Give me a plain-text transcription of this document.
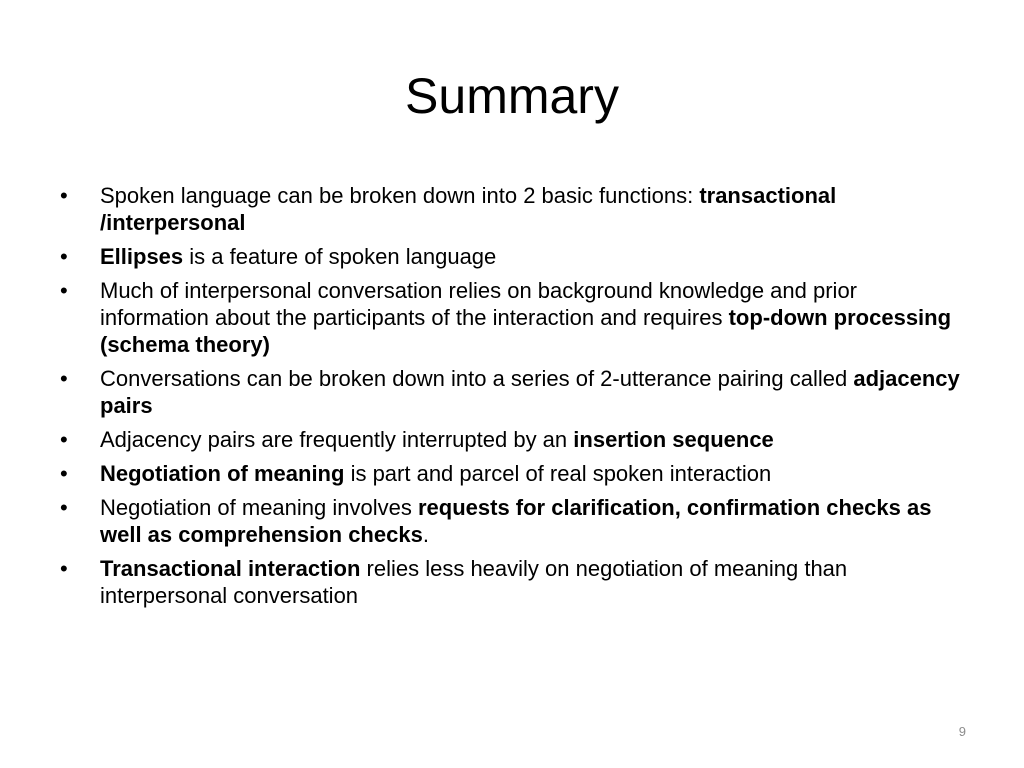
Summary
•	Spoken language can be broken down into 2 basic functions: transactional /interpersonal
•	Ellipses is a feature of spoken language
•	Much of interpersonal conversation relies on background knowledge and prior information about the participants of the interaction and requires top-down processing (schema theory)
•	Conversations can be broken down into a series of 2-utterance pairing called adjacency pairs
•	Adjacency pairs are frequently interrupted by an insertion sequence
•	Negotiation of meaning is part and parcel of real spoken interaction
•	Negotiation of meaning involves requests for clarification, confirmation checks as well as comprehension checks.
•	Transactional interaction relies less heavily on negotiation of meaning than interpersonal conversation
9
